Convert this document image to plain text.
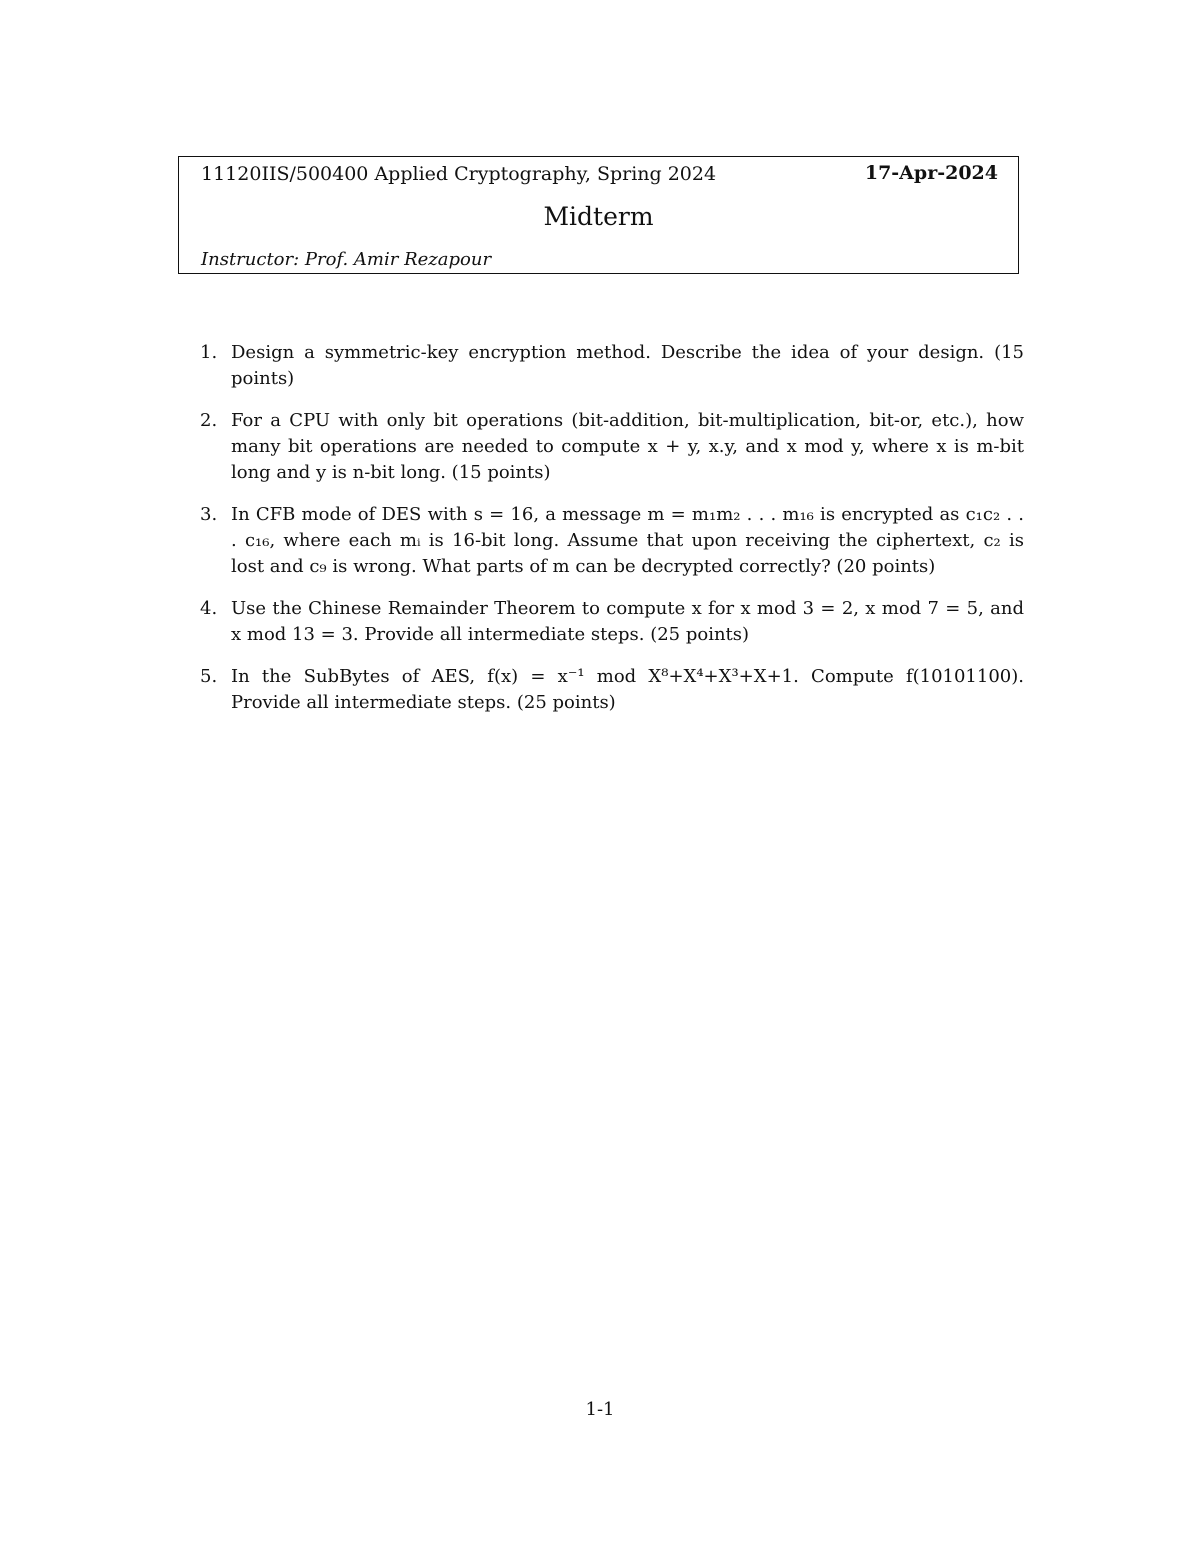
11120IIS/500400 Applied Cryptography, Spring 2024	17-Apr-2024
Midterm
Instructor: Prof. Amir Rezapour
1. Design a symmetric-key encryption method. Describe the idea of your design. (15 points)
2. For a CPU with only bit operations (bit-addition, bit-multiplication, bit-or, etc.), how many bit operations are needed to compute x + y, x.y, and x mod y, where x is m-bit long and y is n-bit long. (15 points)
3. In CFB mode of DES with s = 16, a message m = m₁m₂ . . . m₁₆ is encrypted as c₁c₂ . . . c₁₆, where each mᵢ is 16-bit long. Assume that upon receiving the ciphertext, c₂ is lost and c₉ is wrong. What parts of m can be decrypted correctly? (20 points)
4. Use the Chinese Remainder Theorem to compute x for x mod 3 = 2, x mod 7 = 5, and x mod 13 = 3. Provide all intermediate steps. (25 points)
5. In the SubBytes of AES, f(x) = x⁻¹ mod X⁸+X⁴+X³+X+1. Compute f(10101100). Provide all intermediate steps. (25 points)
1-1
